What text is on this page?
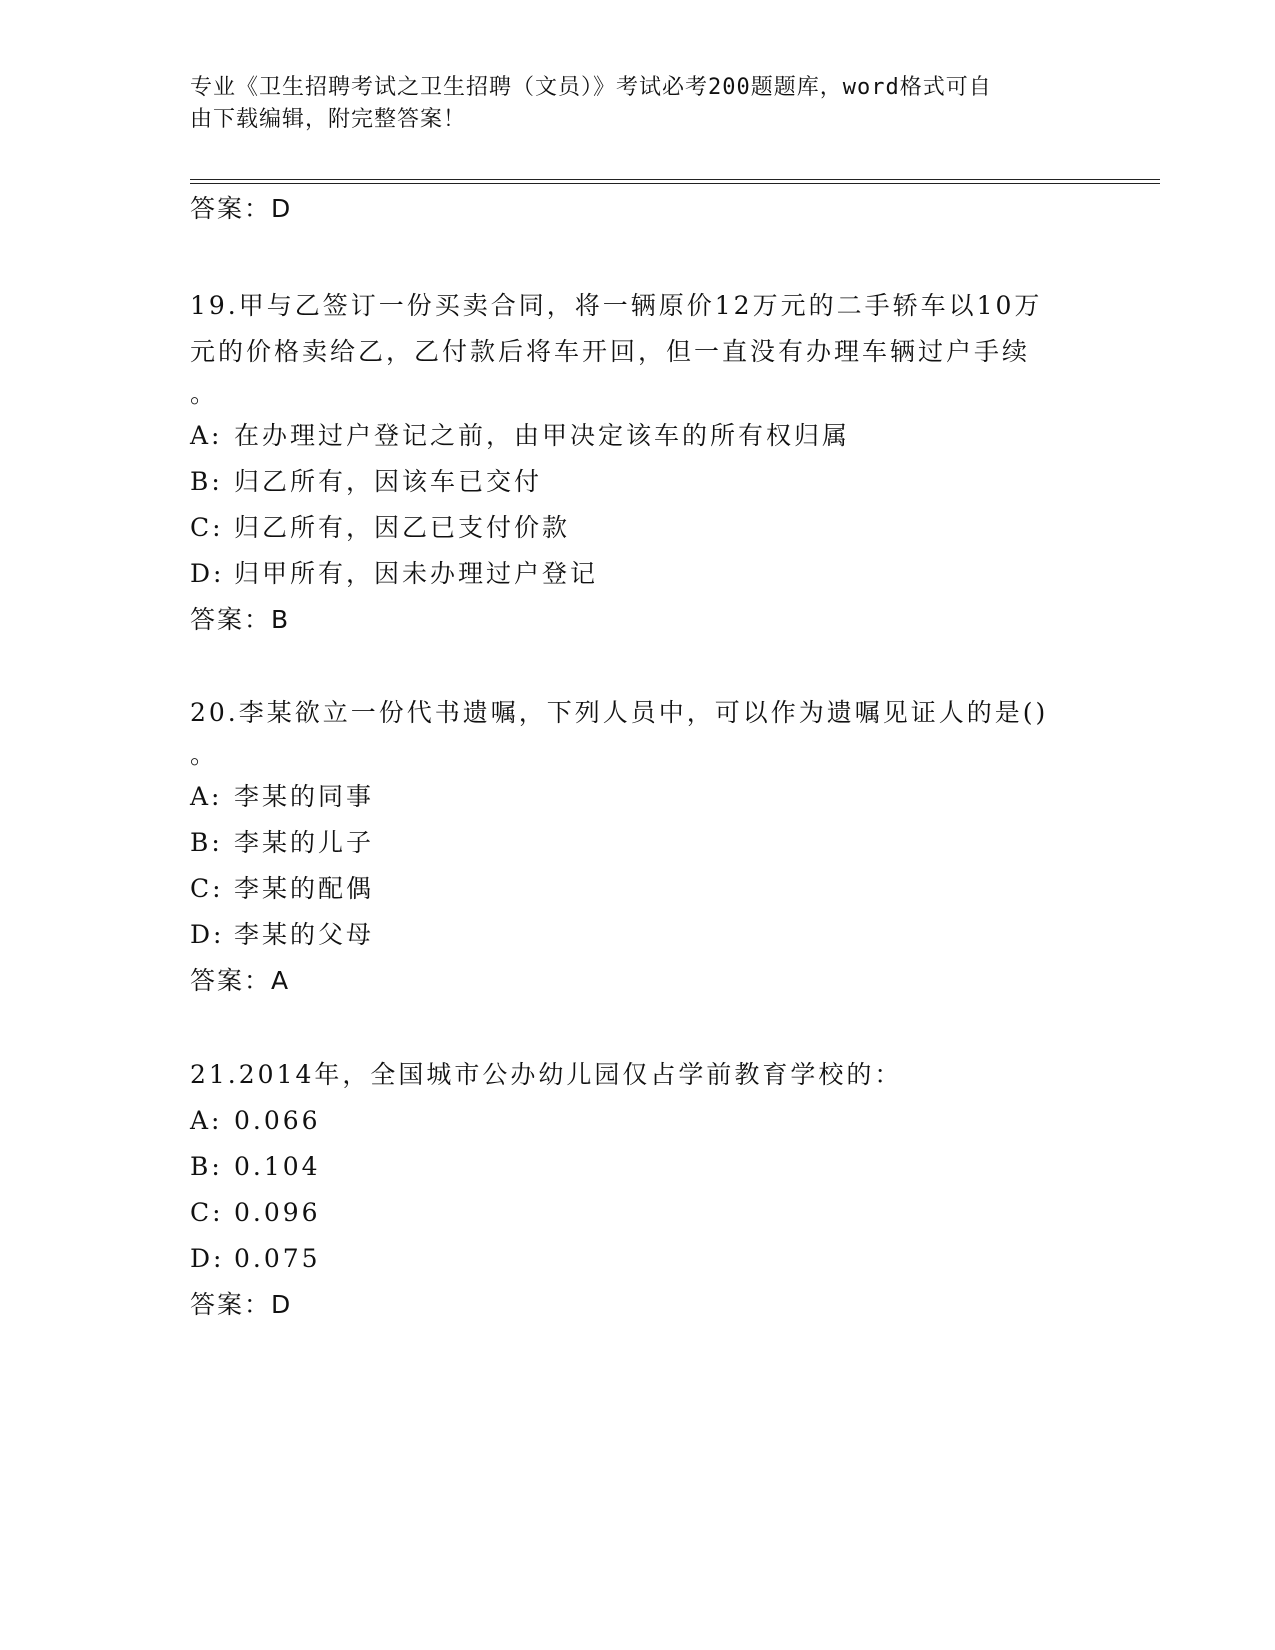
专业《卫生招聘考试之卫生招聘（文员）》考试必考200题题库，word格式可自
由下载编辑，附完整答案！
答案：D
19.甲与乙签订一份买卖合同，将一辆原价12万元的二手轿车以10万
元的价格卖给乙，乙付款后将车开回，但一直没有办理车辆过户手续
。
A: 在办理过户登记之前，由甲决定该车的所有权归属
B: 归乙所有，因该车已交付
C: 归乙所有，因乙已支付价款
D: 归甲所有，因未办理过户登记
答案：B
20.李某欲立一份代书遗嘱，下列人员中，可以作为遗嘱见证人的是()
。
A: 李某的同事
B: 李某的儿子
C: 李某的配偶
D: 李某的父母
答案：A
21.2014年，全国城市公办幼儿园仅占学前教育学校的：
A: 0.066
B: 0.104
C: 0.096
D: 0.075
答案：D
